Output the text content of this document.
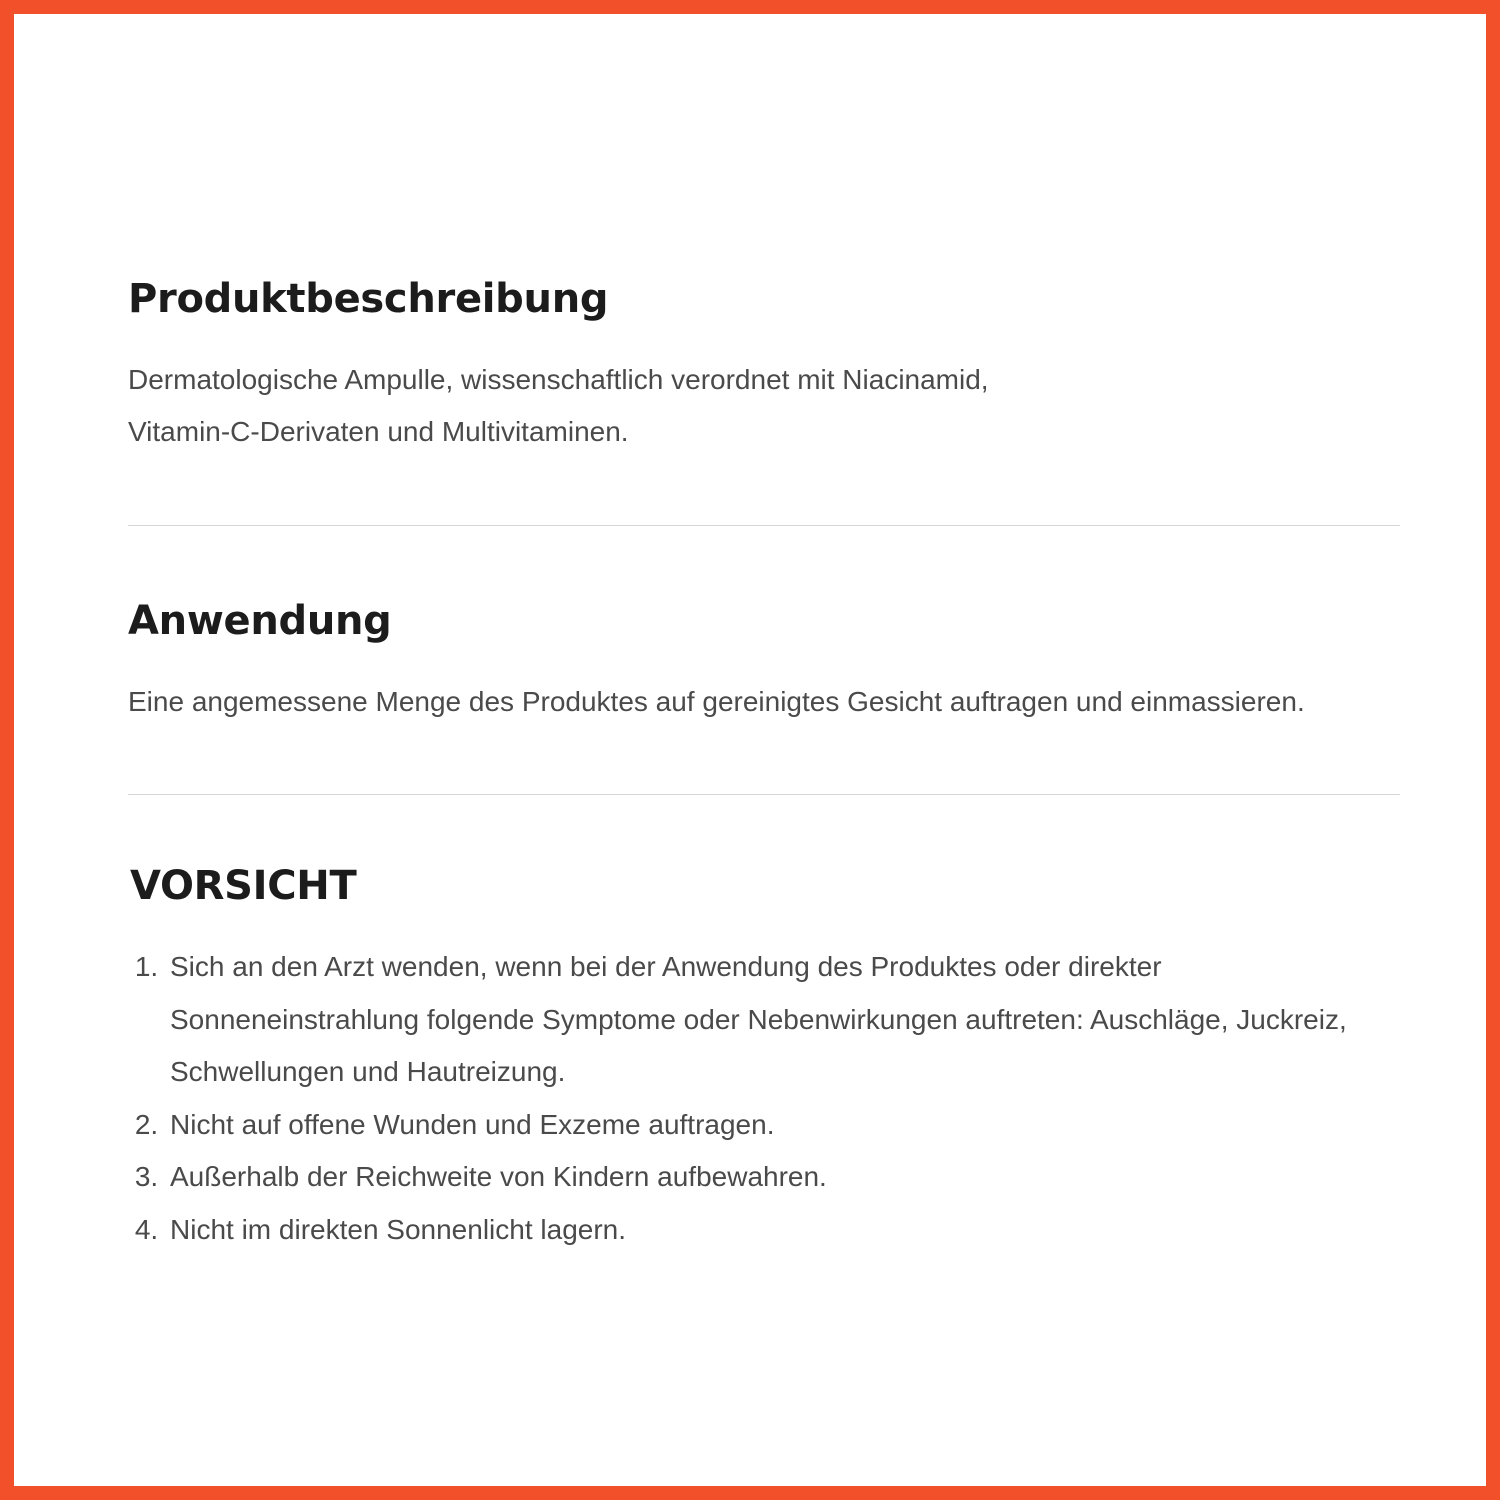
Produktbeschreibung

Dermatologische Ampulle, wissenschaftlich verordnet mit Niacinamid,
Vitamin-C-Derivaten und Multivitaminen.

Anwendung

Eine angemessene Menge des Produktes auf gereinigtes Gesicht auftragen und einmassieren.

VORSICHT
1. Sich an den Arzt wenden, wenn bei der Anwendung des Produktes oder direkter Sonneneinstrahlung folgende Symptome oder Nebenwirkungen auftreten: Auschläge, Juckreiz, Schwellungen und Hautreizung.
2. Nicht auf offene Wunden und Exzeme auftragen.
3. Außerhalb der Reichweite von Kindern aufbewahren.
4. Nicht im direkten Sonnenlicht lagern.
